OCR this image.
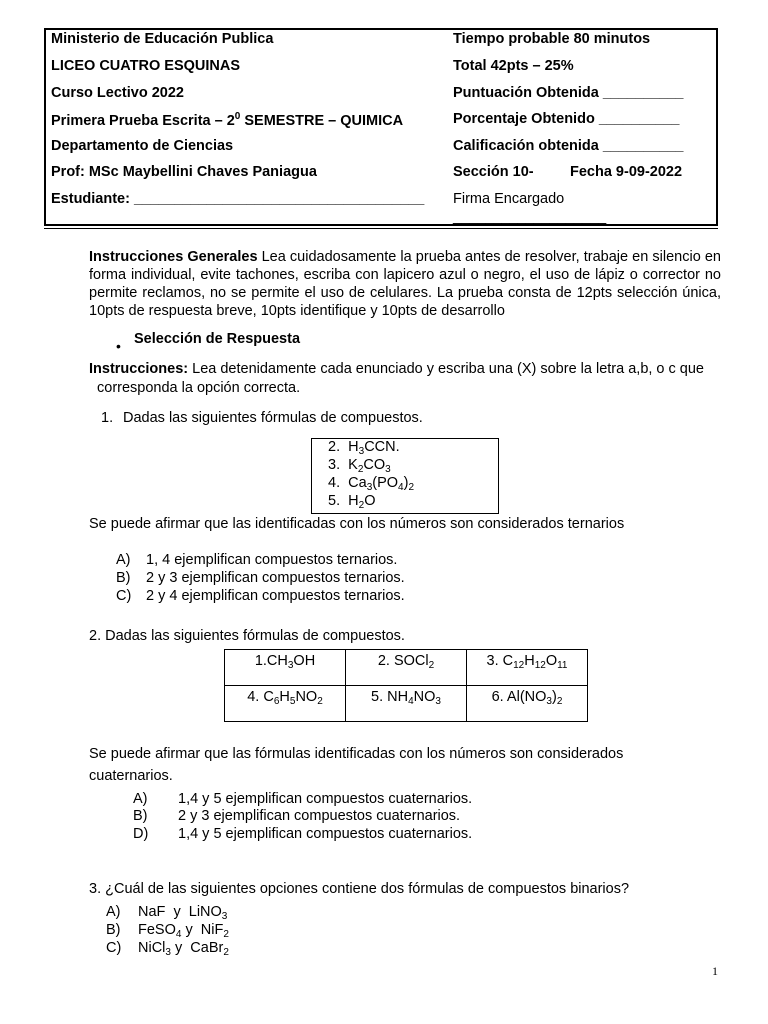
Ministerio de Educación Publica	Tiempo probable 80 minutos
LICEO CUATRO ESQUINAS	Total 42pts – 25%
Curso Lectivo 2022	Puntuación Obtenida __________
Primera Prueba Escrita – $2^0$ SEMESTRE – QUIMICA	Porcentaje Obtenido __________
Departamento de Ciencias	Calificación obtenida __________
Prof: MSc Maybellini Chaves Paniagua	Sección 10-	Fecha 9-09-2022
Estudiante: ____________________________________ Firma Encargado
___________________
Instrucciones Generales Lea cuidadosamente la prueba antes de resolver, trabaje en silencio en forma individual, evite tachones, escriba con lapicero azul o negro, el uso de lápiz o corrector no permite reclamos, no se permite el uso de celulares. La prueba consta de 12pts selección única, 10pts de respuesta breve, 10pts identifique y 10pts de desarrollo
• Selección de Respuesta
Instrucciones: Lea detenidamente cada enunciado y escriba una (X) sobre la letra a,b, o c que
corresponda la opción correcta.
1. Dadas las siguientes fórmulas de compuestos.
2.  $H_3CCN$.
3.  $K_2CO_3$
4.  $Ca_3(PO_4)_2$
5.  $H_2O$
Se puede afirmar que las identificadas con los números son considerados ternarios
A) 1, 4 ejemplifican compuestos ternarios.
B) 2 y 3 ejemplifican compuestos ternarios.
C) 2 y 4 ejemplifican compuestos ternarios.
2. Dadas las siguientes fórmulas de compuestos.
$1.CH_3OH$	2. SOCl$_2$	3. $C_{12}H_{12}O_{11}$
4. $C_6H_5NO_2$	5. $NH_4NO_3$	6. $Al(NO_3)_2$
Se puede afirmar que las fórmulas identificadas con los números son considerados
cuaternarios.
A) 1,4 y 5 ejemplifican compuestos cuaternarios.
B) 2 y 3 ejemplifican compuestos cuaternarios.
D) 1,4 y 5 ejemplifican compuestos cuaternarios.
3. ¿Cuál de las siguientes opciones contiene dos fórmulas de compuestos binarios?
A) NaF  y  LiNO$_3$
B) FeSO$_4$ y  NiF$_2$
C) NiCl$_3$ y  CaBr$_2$
1
